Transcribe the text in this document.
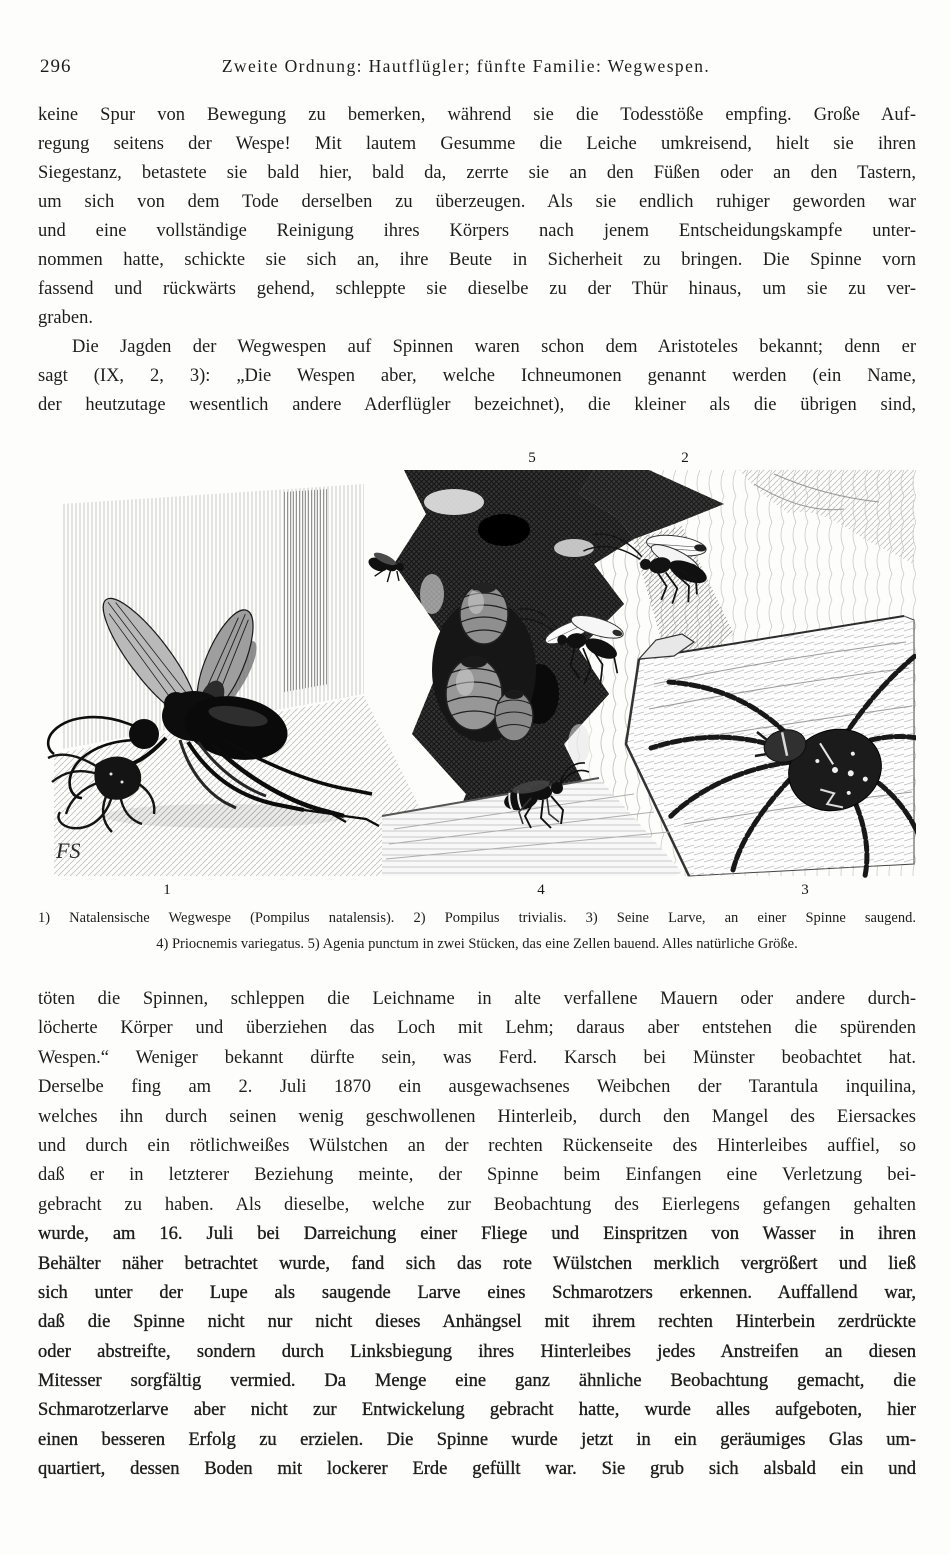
296	Zweite Ordnung: Hautflügler; fünfte Familie: Wegwespen.
keine Spur von Bewegung zu bemerken, während sie die Todesstöße empfing. Große Auf-
regung seitens der Wespe! Mit lautem Gesumme die Leiche umkreisend, hielt sie ihren
Siegestanz, betastete sie bald hier, bald da, zerrte sie an den Füßen oder an den Tastern,
um sich von dem Tode derselben zu überzeugen. Als sie endlich ruhiger geworden war
und eine vollständige Reinigung ihres Körpers nach jenem Entscheidungskampfe unter-
nommen hatte, schickte sie sich an, ihre Beute in Sicherheit zu bringen. Die Spinne vorn
fassend und rückwärts gehend, schleppte sie dieselbe zu der Thür hinaus, um sie zu ver-
graben.
Die Jagden der Wegwespen auf Spinnen waren schon dem Aristoteles bekannt; denn er
sagt (IX, 2, 3): „Die Wespen aber, welche Ichneumonen genannt werden (ein Name,
der heutzutage wesentlich andere Aderflügler bezeichnet), die kleiner als die übrigen sind,
FS
5	2
1	4	3
1) Natalensische Wegwespe (Pompilus natalensis). 2) Pompilus trivialis. 3) Seine Larve, an einer Spinne saugend.
4) Priocnemis variegatus. 5) Agenia punctum in zwei Stücken, das eine Zellen bauend. Alles natürliche Größe.
töten die Spinnen, schleppen die Leichname in alte verfallene Mauern oder andere durch-
löcherte Körper und überziehen das Loch mit Lehm; daraus aber entstehen die spürenden
Wespen.“ Weniger bekannt dürfte sein, was Ferd. Karsch bei Münster beobachtet hat.
Derselbe fing am 2. Juli 1870 ein ausgewachsenes Weibchen der Tarantula inquilina,
welches ihn durch seinen wenig geschwollenen Hinterleib, durch den Mangel des Eiersackes
und durch ein rötlichweißes Wülstchen an der rechten Rückenseite des Hinterleibes auffiel, so
daß er in letzterer Beziehung meinte, der Spinne beim Einfangen eine Verletzung bei-
gebracht zu haben. Als dieselbe, welche zur Beobachtung des Eierlegens gefangen gehalten
wurde, am 16. Juli bei Darreichung einer Fliege und Einspritzen von Wasser in ihren
Behälter näher betrachtet wurde, fand sich das rote Wülstchen merklich vergrößert und ließ
sich unter der Lupe als saugende Larve eines Schmarotzers erkennen. Auffallend war,
daß die Spinne nicht nur nicht dieses Anhängsel mit ihrem rechten Hinterbein zerdrückte
oder abstreifte, sondern durch Linksbiegung ihres Hinterleibes jedes Anstreifen an diesen
Mitesser sorgfältig vermied. Da Menge eine ganz ähnliche Beobachtung gemacht, die
Schmarotzerlarve aber nicht zur Entwickelung gebracht hatte, wurde alles aufgeboten, hier
einen besseren Erfolg zu erzielen. Die Spinne wurde jetzt in ein geräumiges Glas um-
quartiert, dessen Boden mit lockerer Erde gefüllt war. Sie grub sich alsbald ein und
